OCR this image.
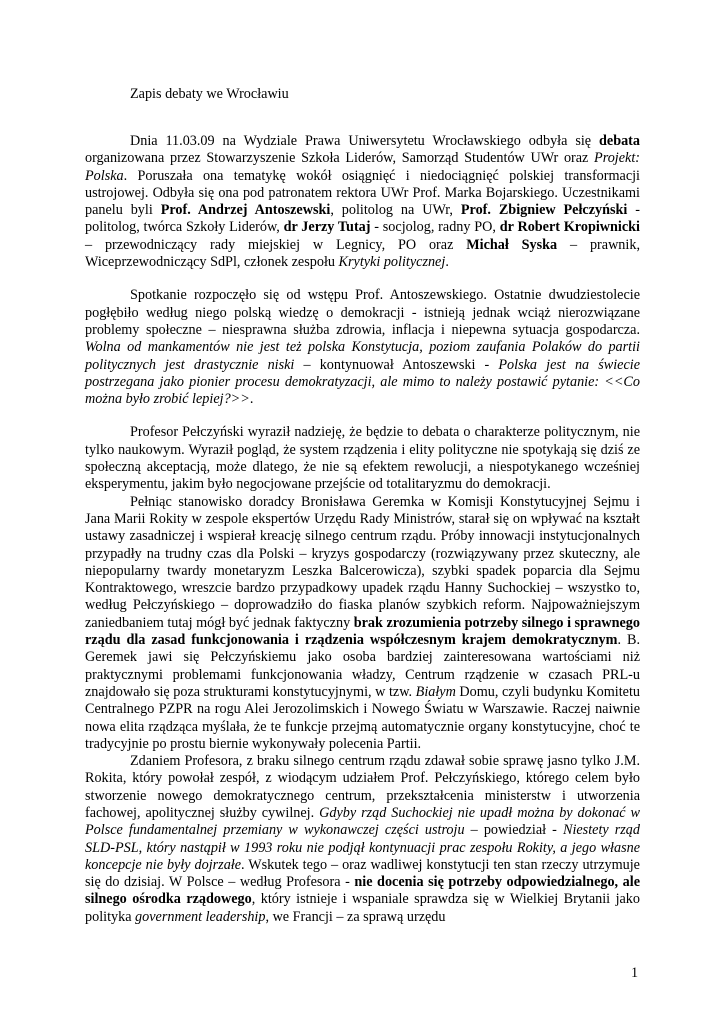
Zapis debaty we Wrocławiu

Dnia 11.03.09 na Wydziale Prawa Uniwersytetu Wrocławskiego odbyła się debata organizowana przez Stowarzyszenie Szkoła Liderów, Samorząd Studentów UWr oraz Projekt: Polska. Poruszała ona tematykę wokół osiągnięć i niedociągnięć polskiej transformacji ustrojowej. Odbyła się ona pod patronatem rektora UWr Prof. Marka Bojarskiego. Uczestnikami panelu byli Prof. Andrzej Antoszewski, politolog na UWr, Prof. Zbigniew Pełczyński - politolog, twórca Szkoły Liderów, dr Jerzy Tutaj - socjolog, radny PO, dr Robert Kropiwnicki – przewodniczący rady miejskiej w Legnicy, PO oraz Michał Syska – prawnik, Wiceprzewodniczący SdPl, członek zespołu Krytyki politycznej.

Spotkanie rozpoczęło się od wstępu Prof. Antoszewskiego. Ostatnie dwudziestolecie pogłębiło według niego polską wiedzę o demokracji - istnieją jednak wciąż nierozwiązane problemy społeczne – niesprawna służba zdrowia, inflacja i niepewna sytuacja gospodarcza. Wolna od mankamentów nie jest też polska Konstytucja, poziom zaufania Polaków do partii politycznych jest drastycznie niski – kontynuował Antoszewski - Polska jest na świecie postrzegana jako pionier procesu demokratyzacji, ale mimo to należy postawić pytanie: <<Co można było zrobić lepiej?>>.

Profesor Pełczyński wyraził nadzieję, że będzie to debata o charakterze politycznym, nie tylko naukowym. Wyraził pogląd, że system rządzenia i elity polityczne nie spotykają się dziś ze społeczną akceptacją, może dlatego, że nie są efektem rewolucji, a niespotykanego wcześniej eksperymentu, jakim było negocjowane przejście od totalitaryzmu do demokracji.

Pełniąc stanowisko doradcy Bronisława Geremka w Komisji Konstytucyjnej Sejmu i Jana Marii Rokity w zespole ekspertów Urzędu Rady Ministrów, starał się on wpływać na kształt ustawy zasadniczej i wspierał kreację silnego centrum rządu. Próby innowacji instytucjonalnych przypadły na trudny czas dla Polski – kryzys gospodarczy (rozwiązywany przez skuteczny, ale niepopularny twardy monetaryzm Leszka Balcerowicza), szybki spadek poparcia dla Sejmu Kontraktowego, wreszcie bardzo przypadkowy upadek rządu Hanny Suchockiej – wszystko to, według Pełczyńskiego – doprowadziło do fiaska planów szybkich reform. Najpoważniejszym zaniedbaniem tutaj mógł być jednak faktyczny brak zrozumienia potrzeby silnego i sprawnego rządu dla zasad funkcjonowania i rządzenia współczesnym krajem demokratycznym. B. Geremek jawi się Pełczyńskiemu jako osoba bardziej zainteresowana wartościami niż praktycznymi problemami funkcjonowania władzy, Centrum rządzenie w czasach PRL-u znajdowało się poza strukturami konstytucyjnymi, w tzw. Białym Domu, czyli budynku Komitetu Centralnego PZPR na rogu Alei Jerozolimskich i Nowego Światu w Warszawie. Raczej naiwnie nowa elita rządząca myślała, że te funkcje przejmą automatycznie organy konstytucyjne, choć te tradycyjnie po prostu biernie wykonywały polecenia Partii.

Zdaniem Profesora, z braku silnego centrum rządu zdawał sobie sprawę jasno tylko J.M. Rokita, który powołał zespół, z wiodącym udziałem Prof. Pełczyńskiego, którego celem było stworzenie nowego demokratycznego centrum, przekształcenia ministerstw i utworzenia fachowej, apolitycznej służby cywilnej. Gdyby rząd Suchockiej nie upadł można by dokonać w Polsce fundamentalnej przemiany w wykonawczej części ustroju – powiedział - Niestety rząd SLD-PSL, który nastąpił w 1993 roku nie podjął kontynuacji prac zespołu Rokity, a jego własne koncepcje nie były dojrzałe. Wskutek tego – oraz wadliwej konstytucji ten stan rzeczy utrzymuje się do dzisiaj. W Polsce – według Profesora - nie docenia się potrzeby odpowiedzialnego, ale silnego ośrodka rządowego, który istnieje i wspaniale sprawdza się w Wielkiej Brytanii jako polityka government leadership, we Francji – za sprawą urzędu

1
